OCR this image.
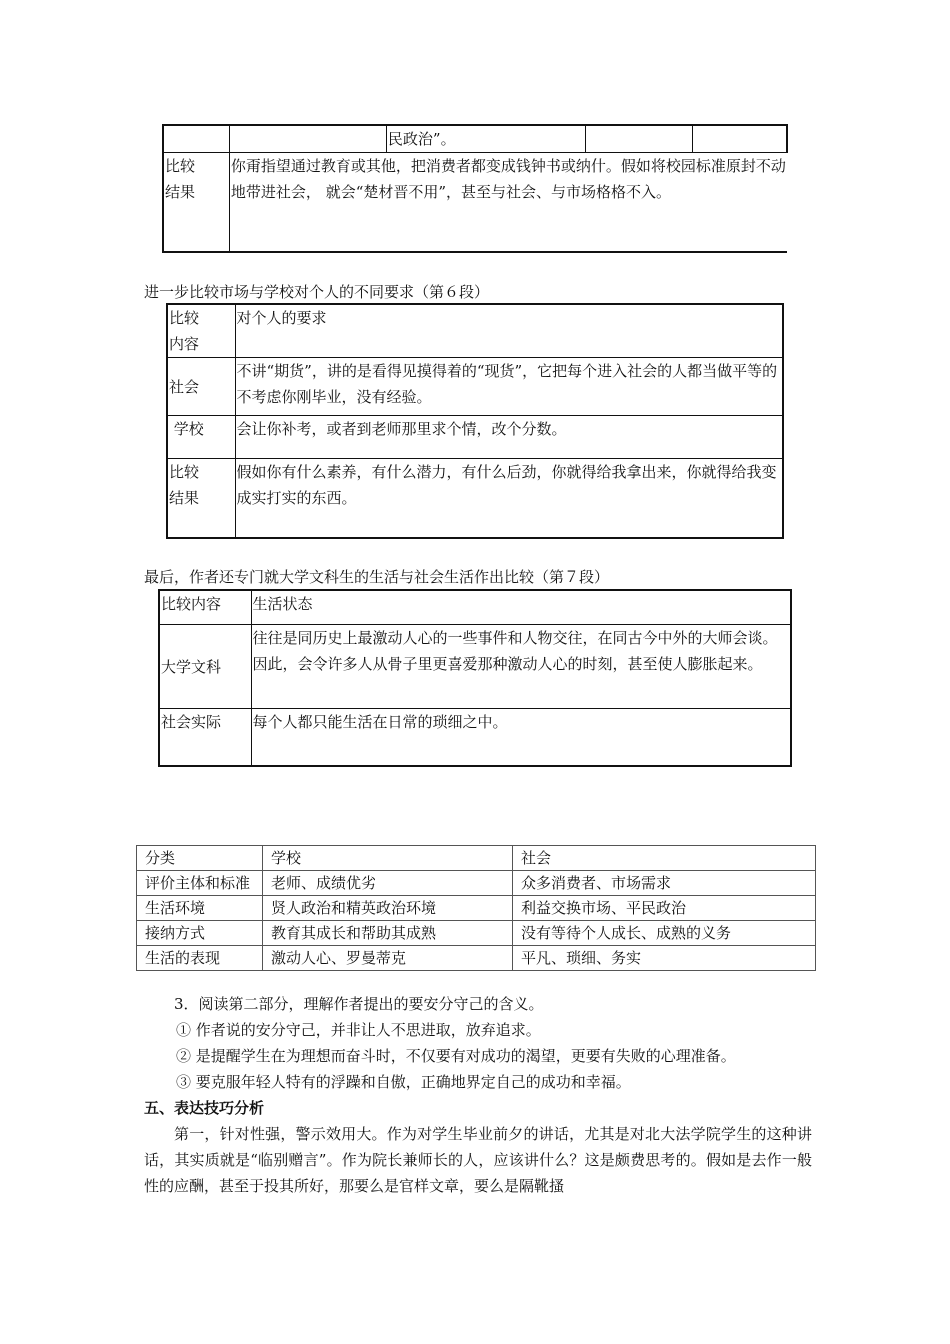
		民政治”。		
比较
结果	你甭指望通过教育或其他，把消费者都变成钱钟书或纳什。假如将校园标准原封不动地带进社会， 就会“楚材晋不用”，甚至与社会、与市场格格不入。			
进一步比较市场与学校对个人的不同要求（第６段）
比较
内容	对个人的要求
社会	不讲“期货”，讲的是看得见摸得着的“现货”，它把每个进入社会的人都当做平等的不考虑你刚毕业，没有经验。
学校	会让你补考，或者到老师那里求个情，改个分数。
比较
结果	假如你有什么素养，有什么潜力，有什么后劲，你就得给我拿出来，你就得给我变成实打实的东西。
最后，作者还专门就大学文科生的生活与社会生活作出比较（第７段）
比较内容	生活状态
大学文科	往往是同历史上最激动人心的一些事件和人物交往，在同古今中外的大师会谈。因此，会令许多人从骨子里更喜爱那种激动人心的时刻，甚至使人膨胀起来。
社会实际	每个人都只能生活在日常的琐细之中。
分类	学校	社会
评价主体和标准	老师、成绩优劣	众多消费者、市场需求
生活环境	贤人政治和精英政治环境	利益交换市场、平民政治
接纳方式	教育其成长和帮助其成熟	没有等待个人成长、成熟的义务
生活的表现	激动人心、罗曼蒂克	平凡、琐细、务实
3．阅读第二部分，理解作者提出的要安分守己的含义。
① 作者说的安分守己，并非让人不思进取，放弃追求。
② 是提醒学生在为理想而奋斗时，不仅要有对成功的渴望，更要有失败的心理准备。
③ 要克服年轻人特有的浮躁和自傲，正确地界定自己的成功和幸福。
五、表达技巧分析
第一，针对性强，警示效用大。作为对学生毕业前夕的讲话，尤其是对北大法学院学生的这种讲话，其实质就是“临别赠言”。作为院长兼师长的人，应该讲什么？这是颇费思考的。假如是去作一般性的应酬，甚至于投其所好，那要么是官样文章，要么是隔靴搔
